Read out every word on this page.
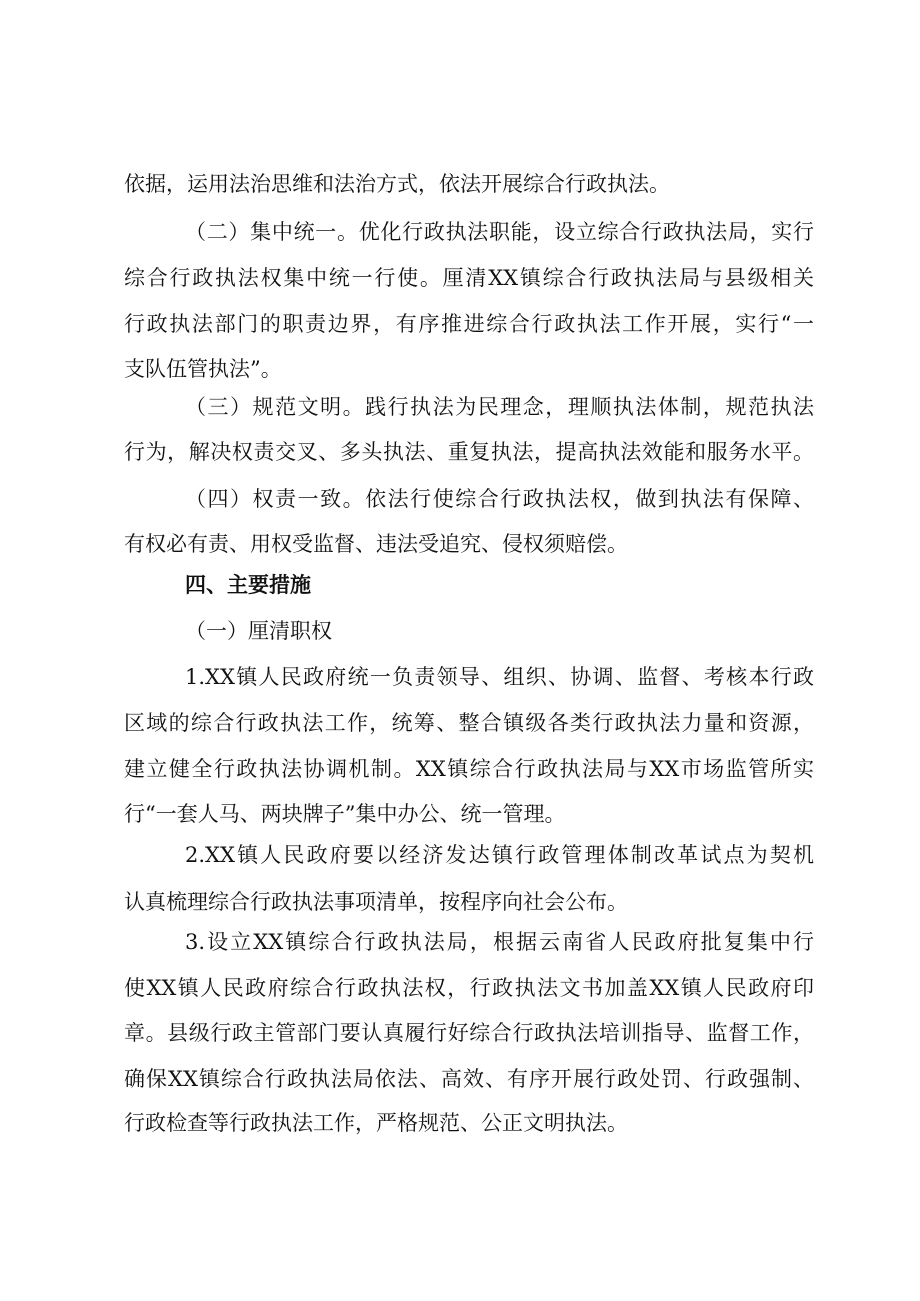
依据，运用法治思维和法治方式，依法开展综合行政执法。
（二）集中统一。优化行政执法职能，设立综合行政执法局，实行
综合行政执法权集中统一行使。厘清XX镇综合行政执法局与县级相关
行政执法部门的职责边界，有序推进综合行政执法工作开展，实行“一
支队伍管执法”。
（三）规范文明。践行执法为民理念，理顺执法体制，规范执法
行为，解决权责交叉、多头执法、重复执法，提高执法效能和服务水平。
（四）权责一致。依法行使综合行政执法权，做到执法有保障、
有权必有责、用权受监督、违法受追究、侵权须赔偿。
四、主要措施
（一）厘清职权
1.XX镇人民政府统一负责领导、组织、协调、监督、考核本行政
区域的综合行政执法工作，统筹、整合镇级各类行政执法力量和资源，
建立健全行政执法协调机制。XX镇综合行政执法局与XX市场监管所实
行“一套人马、两块牌子”集中办公、统一管理。
2.XX镇人民政府要以经济发达镇行政管理体制改革试点为契机
认真梳理综合行政执法事项清单，按程序向社会公布。
3.设立XX镇综合行政执法局，根据云南省人民政府批复集中行
使XX镇人民政府综合行政执法权，行政执法文书加盖XX镇人民政府印
章。县级行政主管部门要认真履行好综合行政执法培训指导、监督工作，
确保XX镇综合行政执法局依法、高效、有序开展行政处罚、行政强制、
行政检查等行政执法工作，严格规范、公正文明执法。
